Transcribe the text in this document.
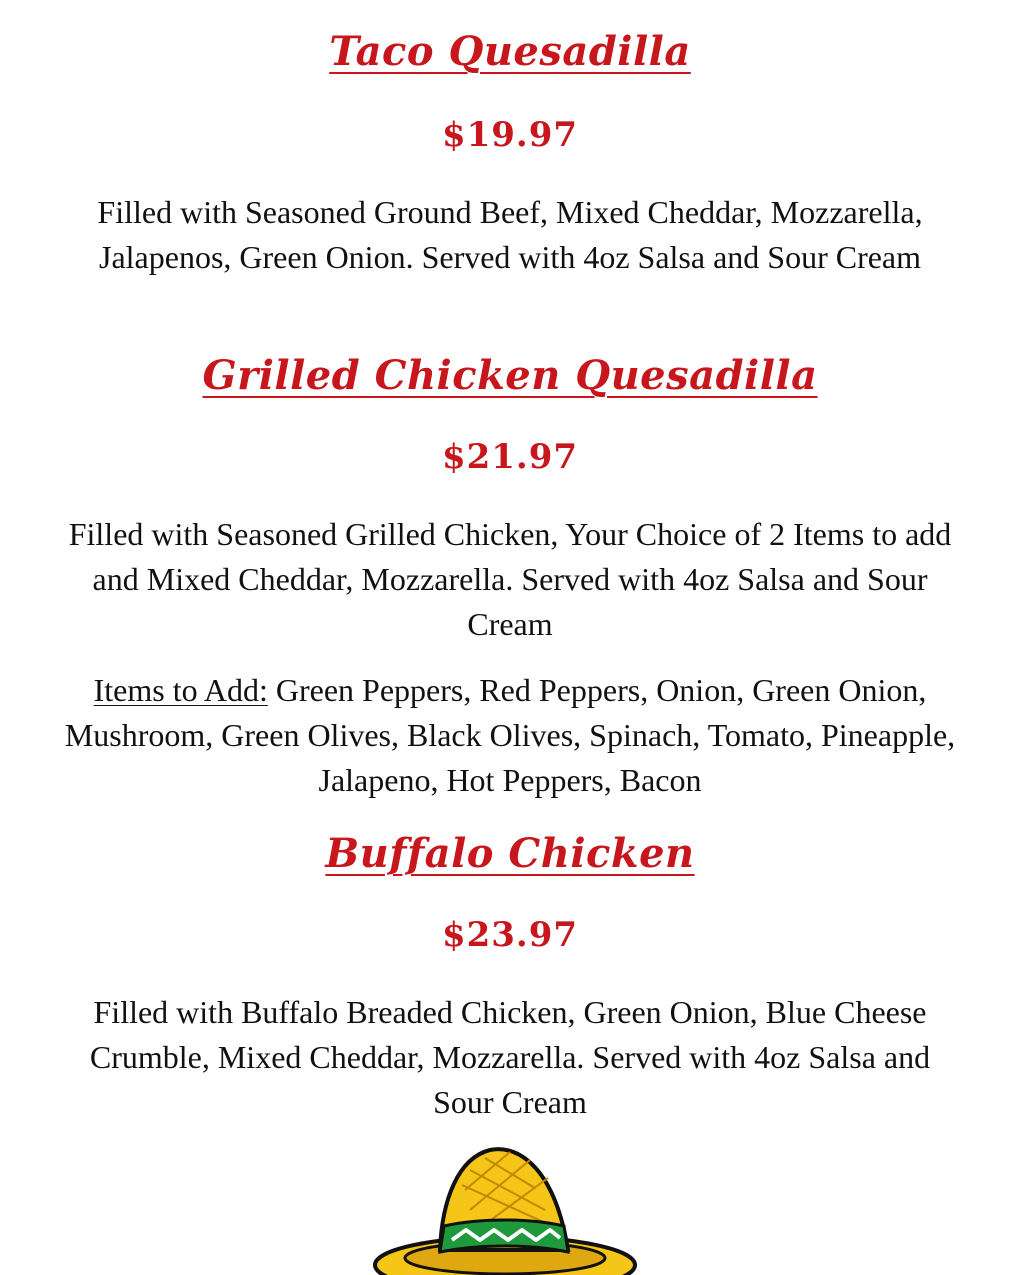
Taco Quesadilla
$19.97
Filled with Seasoned Ground Beef, Mixed Cheddar, Mozzarella, Jalapenos, Green Onion. Served with 4oz Salsa and Sour Cream
Grilled Chicken Quesadilla
$21.97
Filled with Seasoned Grilled Chicken, Your Choice of 2 Items to add and Mixed Cheddar, Mozzarella. Served with 4oz Salsa and Sour Cream
Items to Add: Green Peppers, Red Peppers, Onion, Green Onion, Mushroom, Green Olives, Black Olives, Spinach, Tomato, Pineapple, Jalapeno, Hot Peppers, Bacon
Buffalo Chicken
$23.97
Filled with Buffalo Breaded Chicken, Green Onion, Blue Cheese Crumble, Mixed Cheddar, Mozzarella. Served with 4oz Salsa and Sour Cream
